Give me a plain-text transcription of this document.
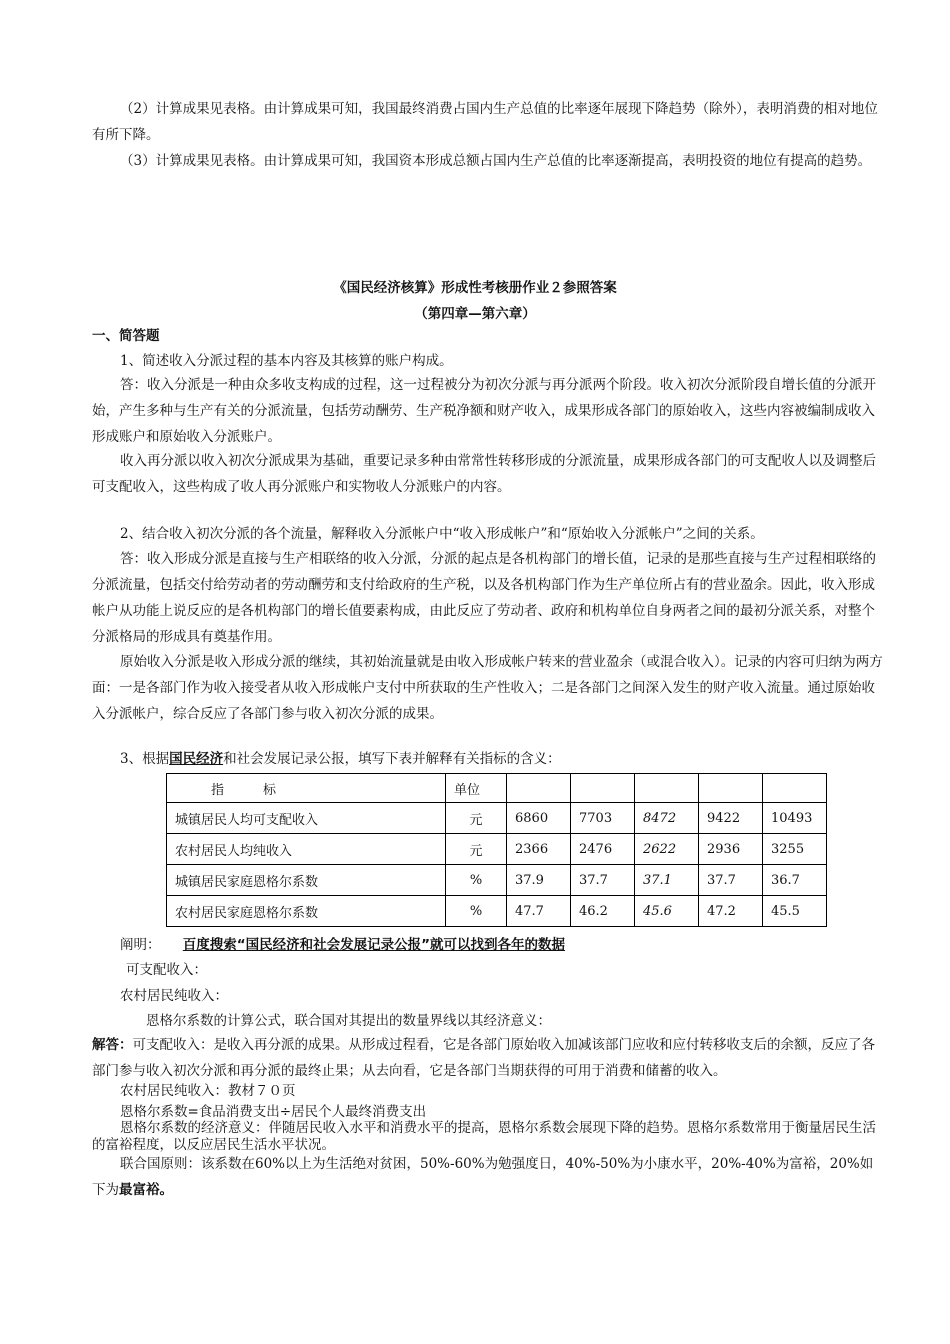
（2）计算成果见表格。由计算成果可知，我国最终消费占国内生产总值的比率逐年展现下降趋势（除外），表明消费的相对地位有所下降。

（3）计算成果见表格。由计算成果可知，我国资本形成总额占国内生产总值的比率逐渐提高，表明投资的地位有提高的趋势。

《国民经济核算》形成性考核册作业２参照答案
（第四章—第六章）
一、简答题

1、简述收入分派过程的基本内容及其核算的账户构成。

答：收入分派是一种由众多收支构成的过程，这一过程被分为初次分派与再分派两个阶段。收入初次分派阶段自增长值的分派开始，产生多种与生产有关的分派流量，包括劳动酬劳、生产税净额和财产收入，成果形成各部门的原始收入，这些内容被编制成收入形成账户和原始收入分派账户。

收入再分派以收入初次分派成果为基础，重要记录多种由常常性转移形成的分派流量，成果形成各部门的可支配收人以及调整后可支配收入，这些构成了收人再分派账户和实物收人分派账户的内容。

2、结合收入初次分派的各个流量，解释收入分派帐户中“收入形成帐户”和“原始收入分派帐户”之间的关系。

答：收入形成分派是直接与生产相联络的收入分派，分派的起点是各机构部门的增长值，记录的是那些直接与生产过程相联络的分派流量，包括交付给劳动者的劳动酬劳和支付给政府的生产税，以及各机构部门作为生产单位所占有的营业盈余。因此，收入形成帐户从功能上说反应的是各机构部门的增长值要素构成，由此反应了劳动者、政府和机构单位自身两者之间的最初分派关系，对整个分派格局的形成具有奠基作用。

原始收入分派是收入形成分派的继续，其初始流量就是由收入形成帐户转来的营业盈余（或混合收入）。记录的内容可归纳为两方面：一是各部门作为收入接受者从收入形成帐户支付中所获取的生产性收入；二是各部门之间深入发生的财产收入流量。通过原始收入分派帐户，综合反应了各部门参与收入初次分派的成果。

3、根据国民经济和社会发展记录公报，填写下表并解释有关指标的含义：

指　　　标	单位					
城镇居民人均可支配收入	元	6860	7703	8472	9422	10493
农村居民人均纯收入	元	2366	2476	2622	2936	3255
城镇居民家庭恩格尔系数	%	37.9	37.7	37.1	37.7	36.7
农村居民家庭恩格尔系数	%	47.7	46.2	45.6	47.2	45.5
阐明： 百度搜索“国民经济和社会发展记录公报”就可以找到各年的数据
可支配收入：
农村居民纯收入：
恩格尔系数的计算公式，联合国对其提出的数量界线以其经济意义：

解答：可支配收入：是收入再分派的成果。从形成过程看，它是各部门原始收入加减该部门应收和应付转移收支后的余额，反应了各部门参与收入初次分派和再分派的最终止果；从去向看，它是各部门当期获得的可用于消费和储蓄的收入。

农村居民纯收入：教材７０页
恩格尔系数=食品消费支出÷居民个人最终消费支出

恩格尔系数的经济意义：伴随居民收入水平和消费水平的提高，恩格尔系数会展现下降的趋势。恩格尔系数常用于衡量居民生活的富裕程度，以反应居民生活水平状况。

联合国原则：该系数在60%以上为生活绝对贫困，50%-60%为勉强度日，40%-50%为小康水平，20%-40%为富裕，20%如下为最富裕。
